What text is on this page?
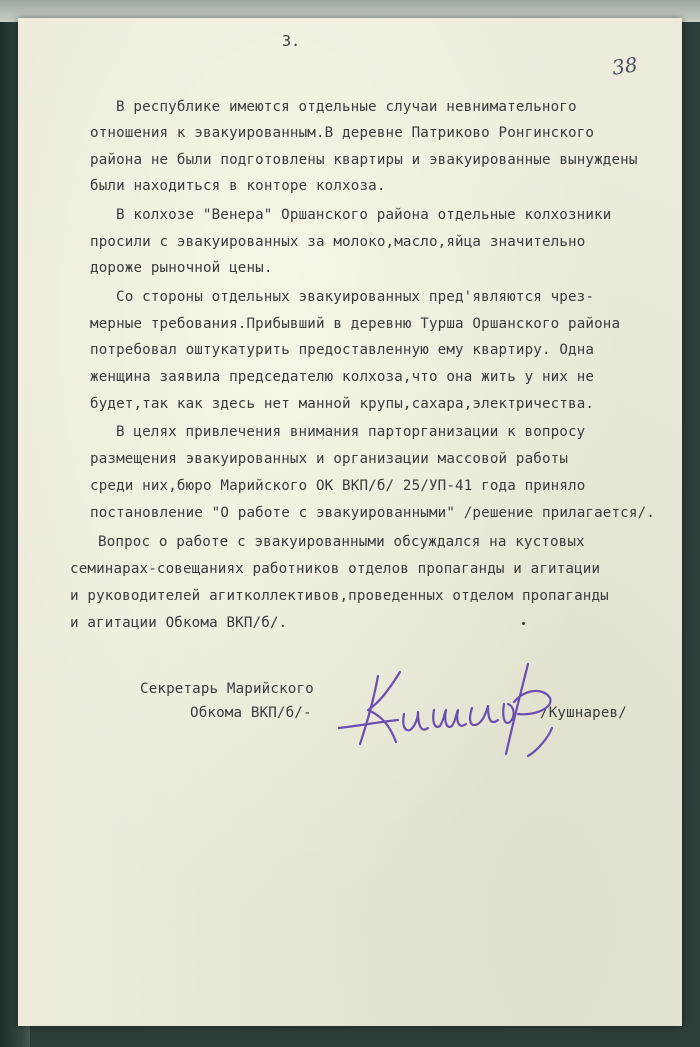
3.
38
В республике имеются отдельные случаи невнимательного
отношения к эвакуированным.В деревне Патриково Ронгинского
района не были подготовлены квартиры и эвакуированные вынуждены
были находиться в конторе колхоза.
В колхозе "Венера" Оршанского района отдельные колхозники
просили с эвакуированных за молоко,масло,яйца значительно
дороже рыночной цены.
Со стороны отдельных эвакуированных пред'являются чрез-
мерные требования.Прибывший в деревню Турша Оршанского района
потребовал оштукатурить предоставленную ему квартиру. Одна
женщина заявила председателю колхоза,что она жить у них не
будет,так как здесь нет манной крупы,сахара,электричества.
В целях привлечения внимания парторганизации к вопросу
размещения эвакуированных и организации массовой работы
среди них,бюро Марийского ОК ВКП/б/ 25/УП-41 года приняло
постановление "О работе с эвакуированными" /решение прилагается/.
Вопрос о работе с эвакуированными обсуждался на кустовых
семинарах-совещаниях работников отделов пропаганды и агитации
и руководителей агитколлективов,проведенных отделом пропаганды
и агитации Обкома ВКП/б/.
Секретарь Марийского
Обкома ВКП/б/-	/Кушнарев/
